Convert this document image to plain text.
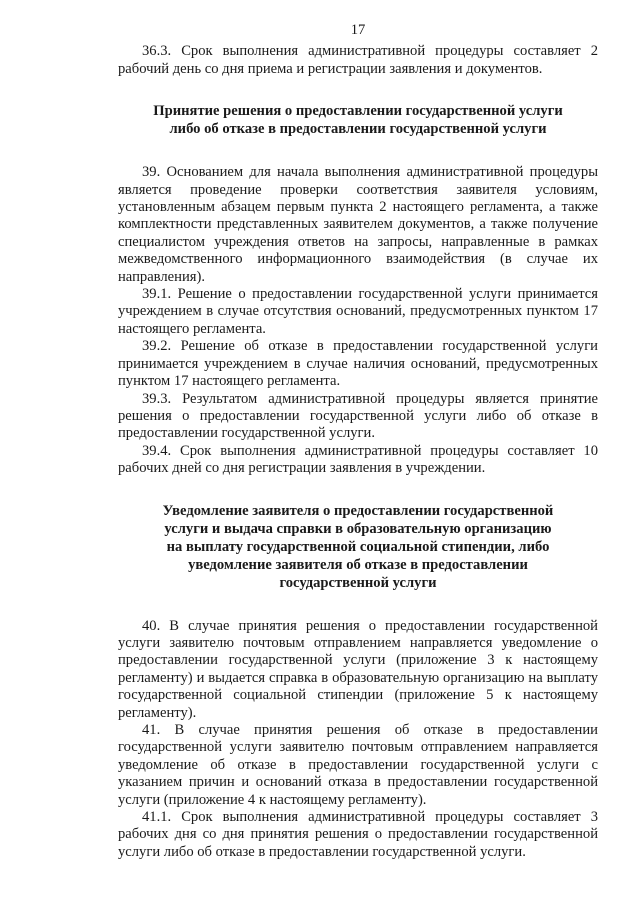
17

36.3. Срок выполнения административной процедуры составляет 2 рабочий день со дня приема и регистрации заявления и документов.

Принятие решения о предоставлении государственной услуги

либо об отказе в предоставлении государственной услуги

39. Основанием для начала выполнения административной процедуры является проведение проверки соответствия заявителя условиям, установленным абзацем первым пункта 2 настоящего регламента, а также комплектности представленных заявителем документов, а также получение специалистом учреждения ответов на запросы, направленные в рамках межведомственного информационного взаимодействия (в случае их направления).

39.1. Решение о предоставлении государственной услуги принимается учреждением в случае отсутствия оснований, предусмотренных пунктом 17 настоящего регламента.

39.2. Решение об отказе в предоставлении государственной услуги принимается учреждением в случае наличия оснований, предусмотренных пунктом 17 настоящего регламента.

39.3. Результатом административной процедуры является принятие решения о предоставлении государственной услуги либо об отказе в предоставлении государственной услуги.

39.4. Срок выполнения административной процедуры составляет 10 рабочих дней со дня регистрации заявления в учреждении.

Уведомление заявителя о предоставлении государственной

услуги и выдача справки в образовательную организацию

на выплату государственной социальной стипендии, либо

уведомление заявителя об отказе в предоставлении

государственной услуги

40. В случае принятия решения о предоставлении государственной услуги заявителю почтовым отправлением направляется уведомление о предоставлении государственной услуги (приложение 3 к настоящему регламенту) и выдается справка в образовательную организацию на выплату государственной социальной стипендии (приложение 5 к настоящему регламенту).

41. В случае принятия решения об отказе в предоставлении государственной услуги заявителю почтовым отправлением направляется уведомление об отказе в предоставлении государственной услуги с указанием причин и оснований отказа в предоставлении государственной услуги (приложение 4 к настоящему регламенту).

41.1. Срок выполнения административной процедуры составляет 3 рабочих дня со дня принятия решения о предоставлении государственной услуги либо об отказе в предоставлении государственной услуги.
